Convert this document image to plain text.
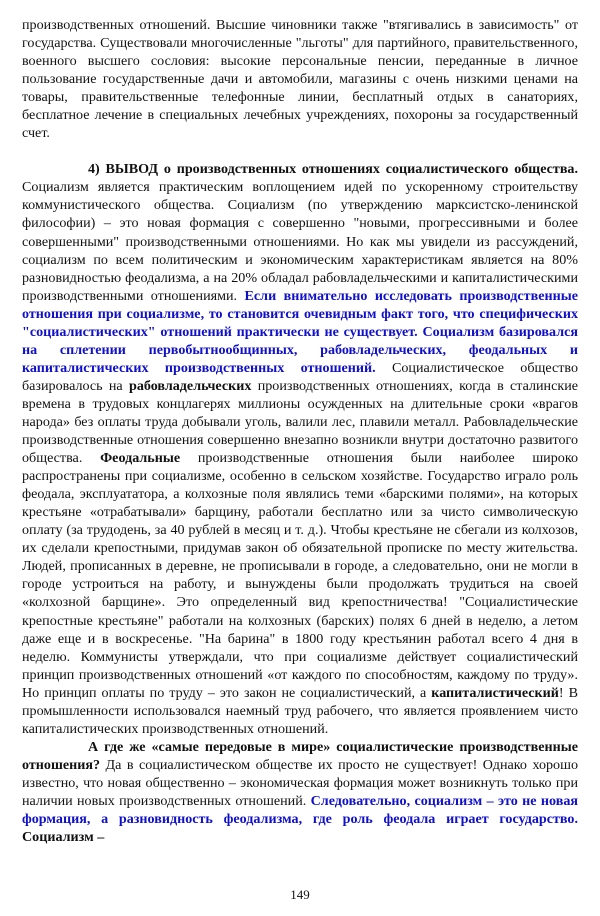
производственных отношений. Высшие чиновники также "втягивались в зависимость" от государства. Существовали многочисленные "льготы" для партийного, правительственного, военного высшего сословия: высокие персональные пенсии, переданные в личное пользование государственные дачи и автомобили, магазины с очень низкими ценами на товары, правительственные телефонные линии, бесплатный отдых в санаториях, бесплатное лечение в специальных лечебных учреждениях, похороны за государственный счет.

4) ВЫВОД о производственных отношениях социалистического общества. Социализм является практическим воплощением идей по ускоренному строительству коммунистического общества. Социализм (по утверждению марксистско-ленинской философии) – это новая формация с совершенно "новыми, прогрессивными и более совершенными" производственными отношениями. Но как мы увидели из рассуждений, социализм по всем политическим и экономическим характеристикам является на 80% разновидностью феодализма, а на 20% обладал рабовладельческими и капиталистическими производственными отношениями. Если внимательно исследовать производственные отношения при социализме, то становится очевидным факт того, что специфических "социалистических" отношений практически не существует. Социализм базировался на сплетении первобытнообщинных, рабовладельческих, феодальных и капиталистических производственных отношений. Социалистическое общество базировалось на рабовладельческих производственных отношениях, когда в сталинские времена в трудовых концлагерях миллионы осужденных на длительные сроки «врагов народа» без оплаты труда добывали уголь, валили лес, плавили металл. Рабовладельческие производственные отношения совершенно внезапно возникли внутри достаточно развитого общества. Феодальные производственные отношения были наиболее широко распространены при социализме, особенно в сельском хозяйстве. Государство играло роль феодала, эксплуататора, а колхозные поля являлись теми «барскими полями», на которых крестьяне «отрабатывали» барщину, работали бесплатно или за чисто символическую оплату (за трудодень, за 40 рублей в месяц и т. д.). Чтобы крестьяне не сбегали из колхозов, их сделали крепостными, придумав закон об обязательной прописке по месту жительства. Людей, прописанных в деревне, не прописывали в городе, а следовательно, они не могли в городе устроиться на работу, и вынуждены были продолжать трудиться на своей «колхозной барщине». Это определенный вид крепостничества! "Социалистические крепостные крестьяне" работали на колхозных (барских) полях 6 дней в неделю, а летом даже еще и в воскресенье. "На барина" в 1800 году крестьянин работал всего 4 дня в неделю. Коммунисты утверждали, что при социализме действует социалистический принцип производственных отношений «от каждого по способностям, каждому по труду». Но принцип оплаты по труду – это закон не социалистический, а капиталистический! В промышленности использовался наемный труд рабочего, что является проявлением чисто капиталистических производственных отношений.

А где же «самые передовые в мире» социалистические производственные отношения? Да в социалистическом обществе их просто не существует! Однако хорошо известно, что новая общественно – экономическая формация может возникнуть только при наличии новых производственных отношений. Следовательно, социализм – это не новая формация, а разновидность феодализма, где роль феодала играет государство. Социализм –

149
